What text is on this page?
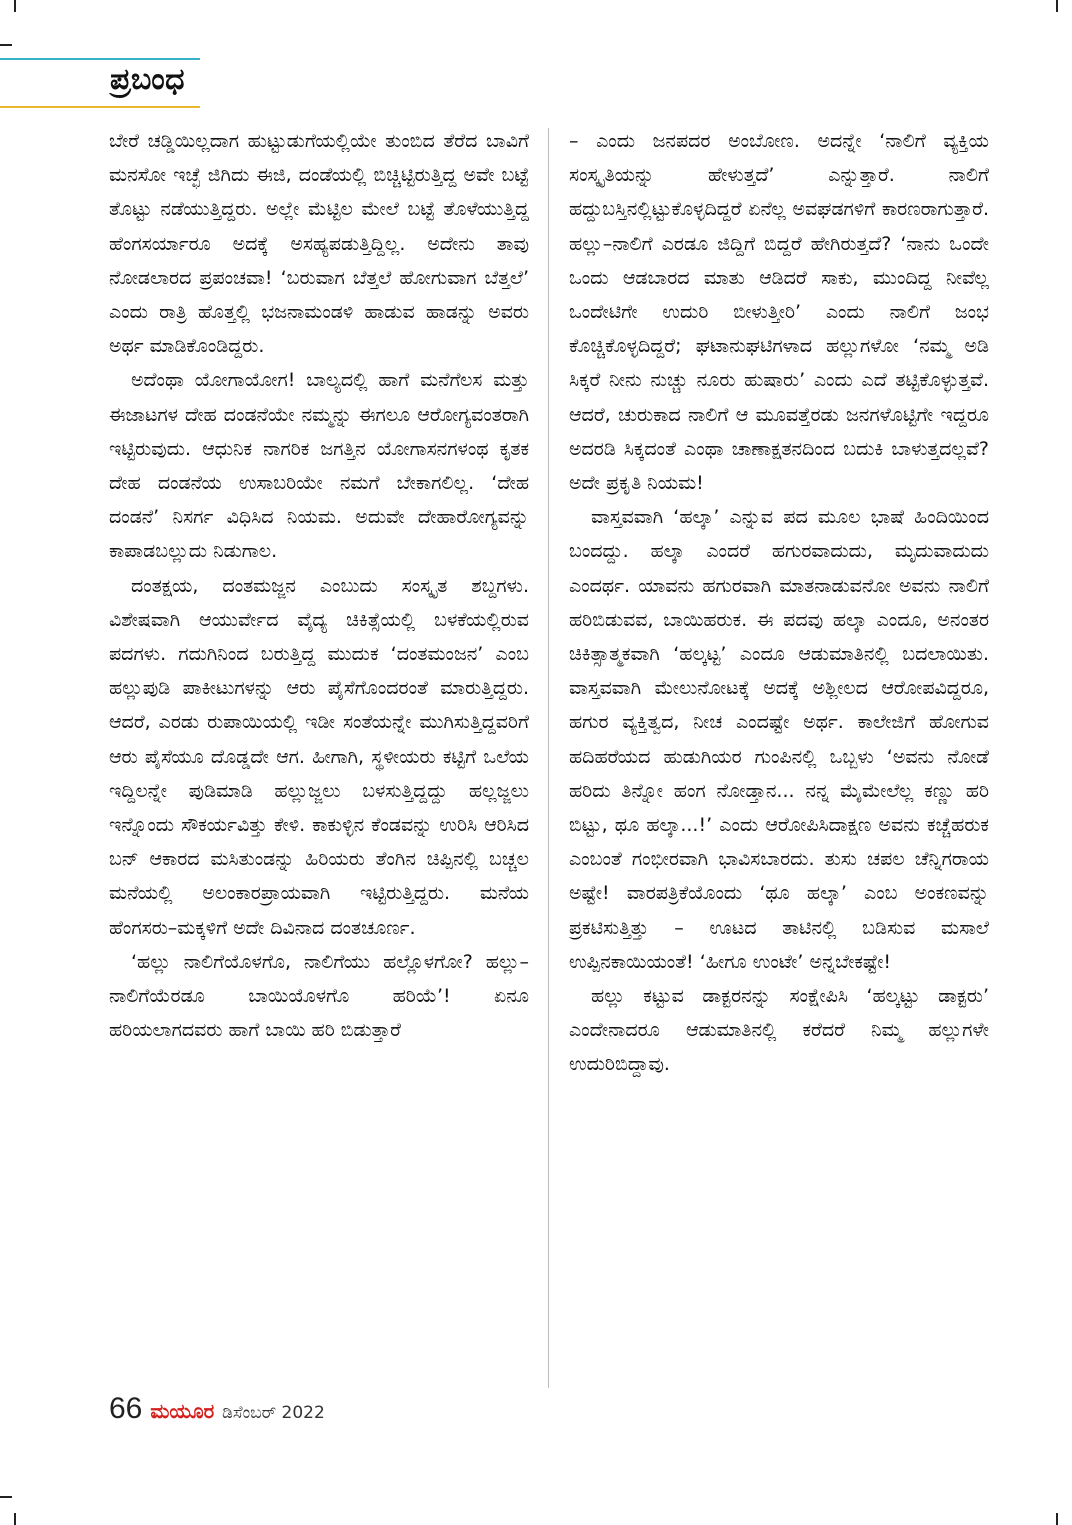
ಪ್ರಬಂಧ

ಬೇರೆ ಚಡ್ಡಿಯಿಲ್ಲದಾಗ ಹುಟ್ಟುಡುಗೆಯಲ್ಲಿಯೇ ತುಂಬಿದ ತೆರೆದ ಬಾವಿಗೆ ಮನಸೋ ಇಚ್ಛೆ ಜಿಗಿದು ಈಜಿ, ದಂಡೆಯಲ್ಲಿ ಬಿಚ್ಚಿಟ್ಟಿರುತ್ತಿದ್ದ ಅವೇ ಬಟ್ಟೆ ತೊಟ್ಟು ನಡೆಯುತ್ತಿದ್ದರು. ಅಲ್ಲೇ ಮೆಟ್ಟಿಲ ಮೇಲೆ ಬಟ್ಟೆ ತೊಳೆಯುತ್ತಿದ್ದ ಹೆಂಗಸರ್ಯಾರೂ ಅದಕ್ಕೆ ಅಸಹ್ಯಪಡುತ್ತಿದ್ದಿಲ್ಲ. ಅದೇನು ತಾವು ನೋಡಲಾರದ ಪ್ರಪಂಚವಾ! ‘ಬರುವಾಗ ಬೆತ್ತಲೆ ಹೋಗುವಾಗ ಬೆತ್ತಲೆ’ ಎಂದು ರಾತ್ರಿ ಹೊತ್ತಲ್ಲಿ ಭಜನಾಮಂಡಳಿ ಹಾಡುವ ಹಾಡನ್ನು ಅವರು ಅರ್ಥ ಮಾಡಿಕೊಂಡಿದ್ದರು.

ಅದೆಂಥಾ ಯೋಗಾಯೋಗ! ಬಾಲ್ಯದಲ್ಲಿ ಹಾಗೆ ಮನೆಗೆಲಸ ಮತ್ತು ಈಜಾಟಗಳ ದೇಹ ದಂಡನೆಯೇ ನಮ್ಮನ್ನು ಈಗಲೂ ಆರೋಗ್ಯವಂತರಾಗಿ ಇಟ್ಟಿರುವುದು. ಆಧುನಿಕ ನಾಗರಿಕ ಜಗತ್ತಿನ ಯೋಗಾಸನಗಳಂಥ ಕೃತಕ ದೇಹ ದಂಡನೆಯ ಉಸಾಬರಿಯೇ ನಮಗೆ ಬೇಕಾಗಲಿಲ್ಲ. ‘ದೇಹ ದಂಡನೆ’ ನಿಸರ್ಗ ವಿಧಿಸಿದ ನಿಯಮ. ಅದುವೇ ದೇಹಾರೋಗ್ಯವನ್ನು ಕಾಪಾಡಬಲ್ಲುದು ನಿಡುಗಾಲ.

ದಂತಕ್ಷಯ, ದಂತಮಜ್ಜನ ಎಂಬುದು ಸಂಸ್ಕೃತ ಶಬ್ದಗಳು. ವಿಶೇಷವಾಗಿ ಆಯುರ್ವೇದ ವೈದ್ಯ ಚಿಕಿತ್ಸೆಯಲ್ಲಿ ಬಳಕೆಯಲ್ಲಿರುವ ಪದಗಳು. ಗದುಗಿನಿಂದ ಬರುತ್ತಿದ್ದ ಮುದುಕ ‘ದಂತಮಂಜನ’ ಎಂಬ ಹಲ್ಲುಪುಡಿ ಪಾಕೀಟುಗಳನ್ನು ಆರು ಪೈಸೆಗೊಂದರಂತೆ ಮಾರುತ್ತಿದ್ದರು. ಆದರೆ, ಎರಡು ರುಪಾಯಿಯಲ್ಲಿ ಇಡೀ ಸಂತೆಯನ್ನೇ ಮುಗಿಸುತ್ತಿದ್ದವರಿಗೆ ಆರು ಪೈಸೆಯೂ ದೊಡ್ಡದೇ ಆಗ. ಹೀಗಾಗಿ, ಸ್ಥಳೀಯರು ಕಟ್ಟಿಗೆ ಒಲೆಯ ಇದ್ದಿಲನ್ನೇ ಪುಡಿಮಾಡಿ ಹಲ್ಲುಜ್ಜಲು ಬಳಸುತ್ತಿದ್ದದ್ದು ಹಲ್ಲಜ್ಜಲು ಇನ್ನೊಂದು ಸೌಕರ್ಯವಿತ್ತು ಕೇಳಿ. ಕಾಕುಳ್ಳಿನ ಕೆಂಡವನ್ನು ಉರಿಸಿ ಆರಿಸಿದ ಬನ್ ಆಕಾರದ ಮಸಿತುಂಡನ್ನು ಹಿರಿಯರು ತೆಂಗಿನ ಚಿಪ್ಪಿನಲ್ಲಿ ಬಚ್ಚಲ ಮನೆಯಲ್ಲಿ ಅಲಂಕಾರಪ್ರಾಯವಾಗಿ ಇಟ್ಟಿರುತ್ತಿದ್ದರು. ಮನೆಯ ಹೆಂಗಸರು–ಮಕ್ಕಳಿಗೆ ಅದೇ ದಿವಿನಾದ ದಂತಚೂರ್ಣ.

‘ಹಲ್ಲು ನಾಲಿಗೆಯೊಳಗೊ, ನಾಲಿಗೆಯು ಹಲ್ಲೊಳಗೋ? ಹಲ್ಲು–ನಾಲಿಗೆಯೆರಡೂ ಬಾಯಿಯೊಳಗೊ ಹರಿಯೆ’! ಏನೂ ಹರಿಯಲಾಗದವರು ಹಾಗೆ ಬಾಯಿ ಹರಿ ಬಿಡುತ್ತಾರೆ

– ಎಂದು ಜನಪದರ ಅಂಬೋಣ. ಅದನ್ನೇ ‘ನಾಲಿಗೆ ವ್ಯಕ್ತಿಯ ಸಂಸ್ಕೃತಿಯನ್ನು ಹೇಳುತ್ತದೆ’ ಎನ್ನುತ್ತಾರೆ. ನಾಲಿಗೆ ಹದ್ದುಬಸ್ತಿನಲ್ಲಿಟ್ಟುಕೊಳ್ಳದಿದ್ದರೆ ಏನೆಲ್ಲ ಅವಘಡಗಳಿಗೆ ಕಾರಣರಾಗುತ್ತಾರೆ. ಹಲ್ಲು–ನಾಲಿಗೆ ಎರಡೂ ಜಿದ್ದಿಗೆ ಬಿದ್ದರೆ ಹೇಗಿರುತ್ತದೆ? ‘ನಾನು ಒಂದೇ ಒಂದು ಆಡಬಾರದ ಮಾತು ಆಡಿದರೆ ಸಾಕು, ಮುಂದಿದ್ದ ನೀವೆಲ್ಲ ಒಂದೇಟಿಗೇ ಉದುರಿ ಬೀಳುತ್ತೀರಿ’ ಎಂದು ನಾಲಿಗೆ ಜಂಭ ಕೊಚ್ಚಿಕೊಳ್ಳದಿದ್ದರೆ; ಘಟಾನುಘಟಿಗಳಾದ ಹಲ್ಲುಗಳೋ ‘ನಮ್ಮ ಅಡಿ ಸಿಕ್ಕರೆ ನೀನು ನುಚ್ಚು ನೂರು ಹುಷಾರು’ ಎಂದು ಎದೆ ತಟ್ಟಿಕೊಳ್ಳುತ್ತವೆ. ಆದರೆ, ಚುರುಕಾದ ನಾಲಿಗೆ ಆ ಮೂವತ್ತೆರಡು ಜನಗಳೊಟ್ಟಿಗೇ ಇದ್ದರೂ ಅದರಡಿ ಸಿಕ್ಕದಂತೆ ಎಂಥಾ ಚಾಣಾಕ್ಷತನದಿಂದ ಬದುಕಿ ಬಾಳುತ್ತದಲ್ಲವೆ? ಅದೇ ಪ್ರಕೃತಿ ನಿಯಮ!

ವಾಸ್ತವವಾಗಿ ‘ಹಲ್ಕಾ’ ಎನ್ನುವ ಪದ ಮೂಲ ಭಾಷೆ ಹಿಂದಿಯಿಂದ ಬಂದದ್ದು. ಹಲ್ಕಾ ಎಂದರೆ ಹಗುರವಾದುದು, ಮೃದುವಾದುದು ಎಂದರ್ಥ. ಯಾವನು ಹಗುರವಾಗಿ ಮಾತನಾಡುವನೋ ಅವನು ನಾಲಿಗೆ ಹರಿಬಿಡುವವ, ಬಾಯಿಹರುಕ. ಈ ಪದವು ಹಲ್ಕಾ ಎಂದೂ, ಅನಂತರ ಚಿಕಿತ್ಸಾತ್ಮಕವಾಗಿ ‘ಹಲ್ಕಟ್ಟ’ ಎಂದೂ ಆಡುಮಾತಿನಲ್ಲಿ ಬದಲಾಯಿತು. ವಾಸ್ತವವಾಗಿ ಮೇಲುನೋಟಕ್ಕೆ ಅದಕ್ಕೆ ಅಶ್ಲೀಲದ ಆರೋಪವಿದ್ದರೂ, ಹಗುರ ವ್ಯಕ್ತಿತ್ವದ, ನೀಚ ಎಂದಷ್ಟೇ ಅರ್ಥ. ಕಾಲೇಜಿಗೆ ಹೋಗುವ ಹದಿಹರೆಯದ ಹುಡುಗಿಯರ ಗುಂಪಿನಲ್ಲಿ ಒಬ್ಬಳು ‘ಅವನು ನೋಡೆ ಹರಿದು ತಿನ್ನೋ ಹಂಗ ನೋಡ್ತಾನ... ನನ್ನ ಮೈಮೇಲೆಲ್ಲ ಕಣ್ಣು ಹರಿ ಬಿಟ್ಟು, ಥೂ ಹಲ್ಕಾ...!’ ಎಂದು ಆರೋಪಿಸಿದಾಕ್ಷಣ ಅವನು ಕಚ್ಚೆಹರುಕ ಎಂಬಂತೆ ಗಂಭೀರವಾಗಿ ಭಾವಿಸಬಾರದು. ತುಸು ಚಪಲ ಚೆನ್ನಿಗರಾಯ ಅಷ್ಟೇ! ವಾರಪತ್ರಿಕೆಯೊಂದು ‘ಥೂ ಹಲ್ಕಾ’ ಎಂಬ ಅಂಕಣವನ್ನು ಪ್ರಕಟಿಸುತ್ತಿತ್ತು – ಊಟದ ತಾಟಿನಲ್ಲಿ ಬಡಿಸುವ ಮಸಾಲೆ ಉಪ್ಪಿನಕಾಯಿಯಂತೆ! ‘ಹೀಗೂ ಉಂಟೇ’ ಅನ್ನಬೇಕಷ್ಟೇ!

ಹಲ್ಲು ಕಟ್ಟುವ ಡಾಕ್ಟರನನ್ನು ಸಂಕ್ಷೇಪಿಸಿ ‘ಹಲ್ಕಟ್ಟು ಡಾಕ್ಟರು’ ಎಂದೇನಾದರೂ ಆಡುಮಾತಿನಲ್ಲಿ ಕರೆದರೆ ನಿಮ್ಮ ಹಲ್ಲುಗಳೇ ಉದುರಿಬಿದ್ದಾವು.

66 ಮಯೂರ ಡಿಸೆಂಬರ್ 2022
